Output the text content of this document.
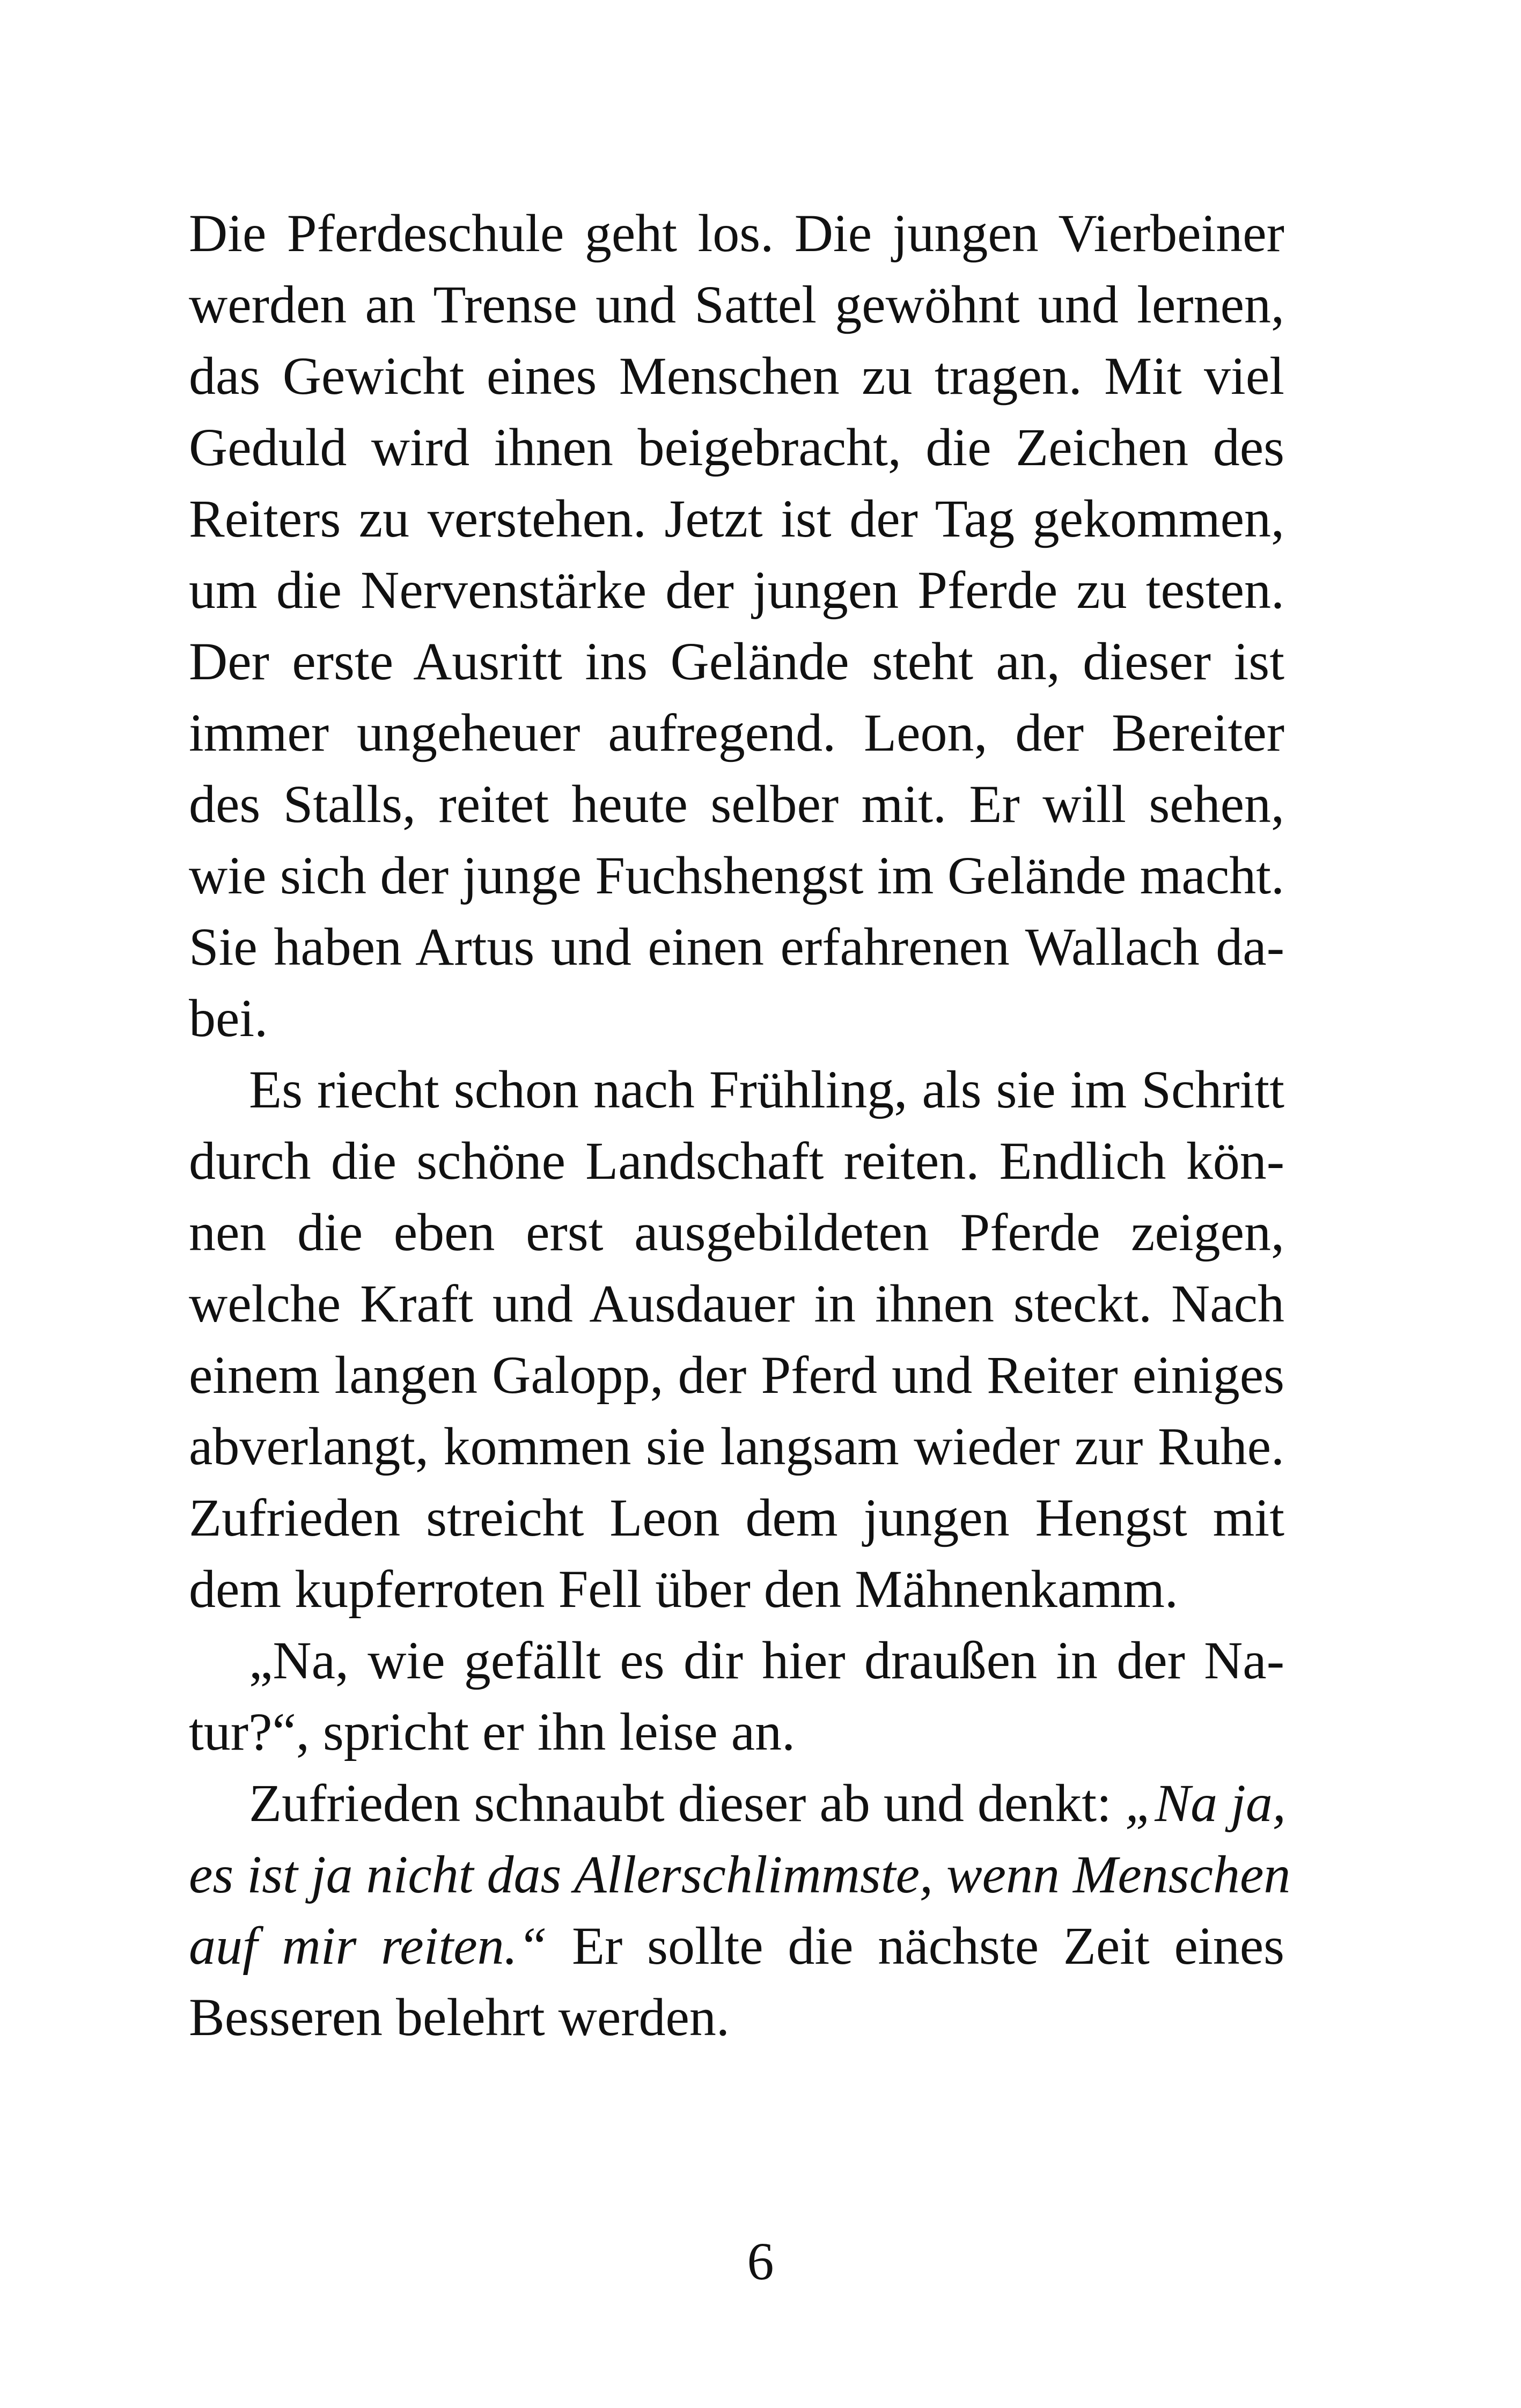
Die Pferdeschule geht los. Die jungen Vierbeiner
werden an Trense und Sattel gewöhnt und lernen,
das Gewicht eines Menschen zu tragen. Mit viel
Geduld wird ihnen beigebracht, die Zeichen des
Reiters zu verstehen. Jetzt ist der Tag gekommen,
um die Nervenstärke der jungen Pferde zu testen.
Der erste Ausritt ins Gelände steht an, dieser ist
immer ungeheuer aufregend. Leon, der Bereiter
des Stalls, reitet heute selber mit. Er will sehen,
wie sich der junge Fuchshengst im Gelände macht.
Sie haben Artus und einen erfahrenen Wallach da-
bei.
Es riecht schon nach Frühling, als sie im Schritt
durch die schöne Landschaft reiten. Endlich kön-
nen die eben erst ausgebildeten Pferde zeigen,
welche Kraft und Ausdauer in ihnen steckt. Nach
einem langen Galopp, der Pferd und Reiter einiges
abverlangt, kommen sie langsam wieder zur Ruhe.
Zufrieden streicht Leon dem jungen Hengst mit
dem kupferroten Fell über den Mähnenkamm.
„Na, wie gefällt es dir hier draußen in der Na-
tur?“, spricht er ihn leise an.
Zufrieden schnaubt dieser ab und denkt: „Na ja,
es ist ja nicht das Allerschlimmste, wenn Menschen
auf mir reiten.“ Er sollte die nächste Zeit eines
Besseren belehrt werden.
6
